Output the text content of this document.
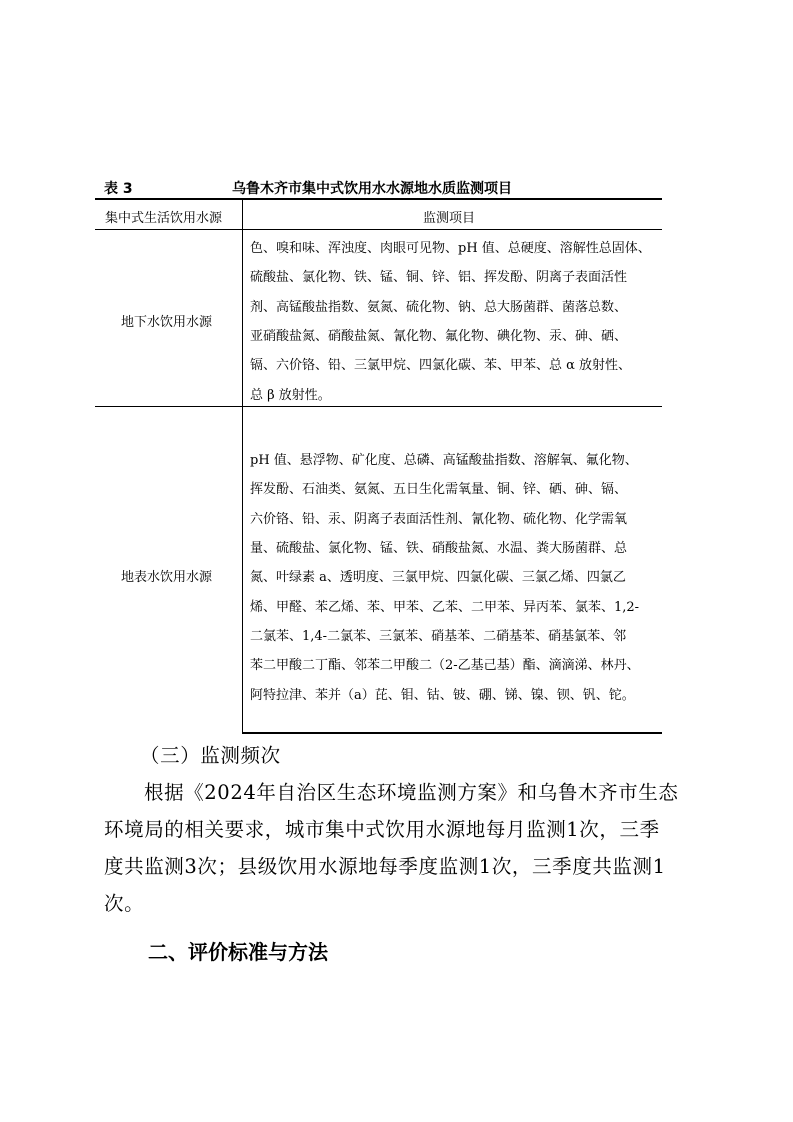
表 3	乌鲁木齐市集中式饮用水水源地水质监测项目
集中式生活饮用水源	监测项目
地下水饮用水源
色、嗅和味、浑浊度、肉眼可见物、pH 值、总硬度、溶解性总固体、
硫酸盐、氯化物、铁、锰、铜、锌、铝、挥发酚、阴离子表面活性
剂、高锰酸盐指数、氨氮、硫化物、钠、总大肠菌群、菌落总数、
亚硝酸盐氮、硝酸盐氮、氰化物、氟化物、碘化物、汞、砷、硒、
镉、六价铬、铅、三氯甲烷、四氯化碳、苯、甲苯、总 α 放射性、
总 β 放射性。
地表水饮用水源
pH 值、悬浮物、矿化度、总磷、高锰酸盐指数、溶解氧、氟化物、
挥发酚、石油类、氨氮、五日生化需氧量、铜、锌、硒、砷、镉、
六价铬、铅、汞、阴离子表面活性剂、氰化物、硫化物、化学需氧
量、硫酸盐、氯化物、锰、铁、硝酸盐氮、水温、粪大肠菌群、总
氮、叶绿素 a、透明度、三氯甲烷、四氯化碳、三氯乙烯、四氯乙
烯、甲醛、苯乙烯、苯、甲苯、乙苯、二甲苯、异丙苯、氯苯、1,2-
二氯苯、1,4-二氯苯、三氯苯、硝基苯、二硝基苯、硝基氯苯、邻
苯二甲酸二丁酯、邻苯二甲酸二（2-乙基己基）酯、滴滴涕、林丹、
阿特拉津、苯并（a）芘、钼、钴、铍、硼、锑、镍、钡、钒、铊。
（三）监测频次
根据《2024年自治区生态环境监测方案》和乌鲁木齐市生态
环境局的相关要求，城市集中式饮用水源地每月监测1次，三季
度共监测3次；县级饮用水源地每季度监测1次，三季度共监测1
次。
二、评价标准与方法
